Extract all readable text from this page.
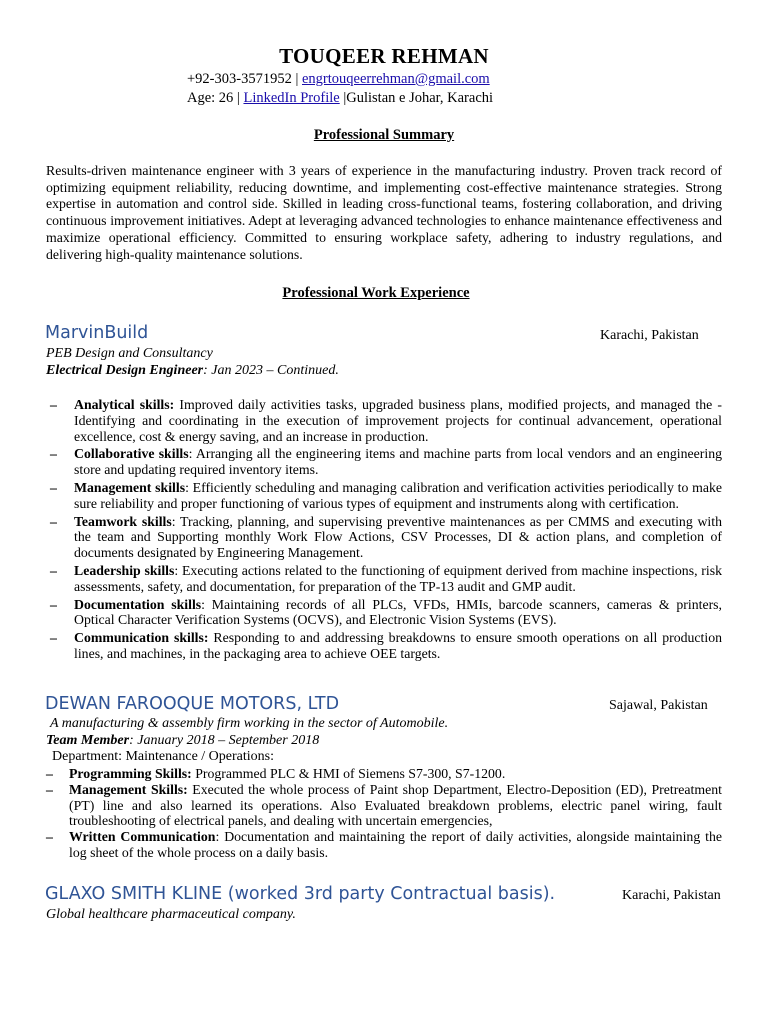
TOUQEER REHMAN
+92-303-3571952 | engrtouqeerrehman@gmail.com
Age: 26 | LinkedIn Profile |Gulistan e Johar, Karachi
Professional Summary
Results-driven maintenance engineer with 3 years of experience in the manufacturing industry. Proven track record of optimizing equipment reliability, reducing downtime, and implementing cost-effective maintenance strategies. Strong expertise in automation and control side. Skilled in leading cross-functional teams, fostering collaboration, and driving continuous improvement initiatives. Adept at leveraging advanced technologies to enhance maintenance effectiveness and maximize operational efficiency. Committed to ensuring workplace safety, adhering to industry regulations, and delivering high-quality maintenance solutions.
Professional Work Experience
MarvinBuild	Karachi, Pakistan
PEB Design and Consultancy
Electrical Design Engineer: Jan 2023 – Continued.
– Analytical skills: Improved daily activities tasks, upgraded business plans, modified projects, and managed the -Identifying and coordinating in the execution of improvement projects for continual advancement, operational excellence, cost & energy saving, and an increase in production.
– Collaborative skills: Arranging all the engineering items and machine parts from local vendors and an engineering store and updating required inventory items.
– Management skills: Efficiently scheduling and managing calibration and verification activities periodically to make sure reliability and proper functioning of various types of equipment and instruments along with certification.
– Teamwork skills: Tracking, planning, and supervising preventive maintenances as per CMMS and executing with the team and Supporting monthly Work Flow Actions, CSV Processes, DI & action plans, and completion of documents designated by Engineering Management.
– Leadership skills: Executing actions related to the functioning of equipment derived from machine inspections, risk assessments, safety, and documentation, for preparation of the TP-13 audit and GMP audit.
– Documentation skills: Maintaining records of all PLCs, VFDs, HMIs, barcode scanners, cameras & printers, Optical Character Verification Systems (OCVS), and Electronic Vision Systems (EVS).
– Communication skills: Responding to and addressing breakdowns to ensure smooth operations on all production lines, and machines, in the packaging area to achieve OEE targets.
DEWAN FAROOQUE MOTORS, LTD	Sajawal, Pakistan
A manufacturing & assembly firm working in the sector of Automobile.
Team Member: January 2018 – September 2018
Department: Maintenance / Operations:
– Programming Skills: Programmed PLC & HMI of Siemens S7-300, S7-1200.
– Management Skills: Executed the whole process of Paint shop Department, Electro-Deposition (ED), Pretreatment (PT) line and also learned its operations. Also Evaluated breakdown problems, electric panel wiring, fault troubleshooting of electrical panels, and dealing with uncertain emergencies,
– Written Communication: Documentation and maintaining the report of daily activities, alongside maintaining the log sheet of the whole process on a daily basis.
GLAXO SMITH KLINE (worked 3rd party Contractual basis).	Karachi, Pakistan
Global healthcare pharmaceutical company.
